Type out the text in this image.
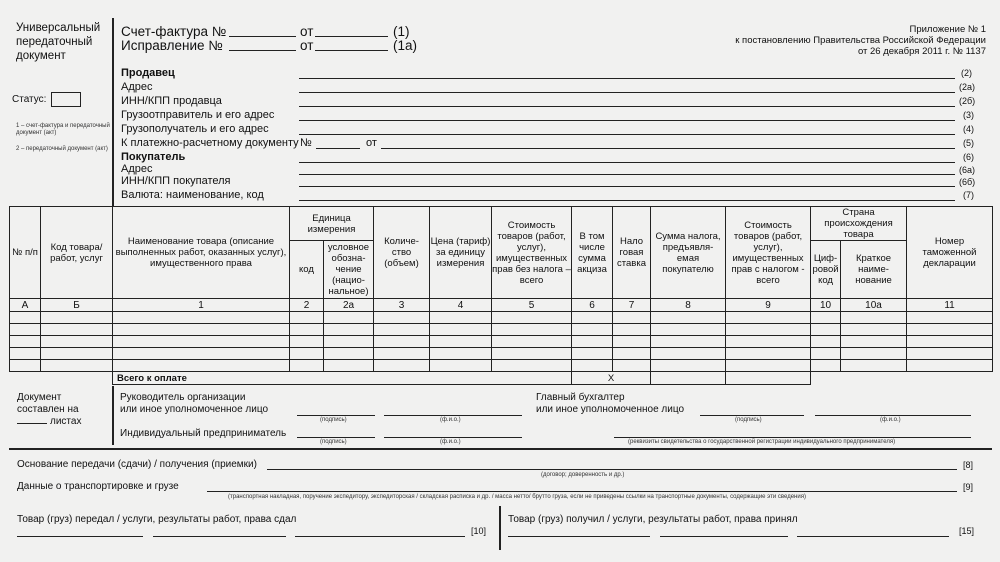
Универсальный
передаточный
документ
Статус:
1 – счет-фактура и передаточный документ (акт)
2 – передаточный документ (акт)
Счет-фактура №	от	(1)
Исправление №	от	(1а)
Приложение № 1
к постановлению Правительства Российской Федерации
от 26 декабря 2011 г. № 1137
Продавец	(2)
Адрес	(2а)
ИНН/КПП продавца	(2б)
Грузоотправитель и его адрес	(3)
Грузополучатель и его адрес	(4)
К платежно-расчетному документу №	от	(5)
Покупатель	(6)
Адрес	(6а)
ИНН/КПП покупателя	(6б)
Валюта: наименование, код	(7)
№ п/п	Код товара/ работ, услуг	Наименование товара (описание выполненных работ, оказанных услуг), имущественного права	Единица измерения		Количе- ство (объем)	Цена (тариф) за единицу измерения	Стоимость товаров (работ, услуг), имущественных прав без налога – всего	В том числе сумма акциза	Нало говая ставка	Сумма налога, предъявля- емая покупателю	Стоимость товаров (работ, услуг), имущественных прав с налогом - всего	Страна происхождения товара		Номер таможенной декларации
			код	условное обозна- чение (нацио- нальное)								Циф- ровой код	Краткое наиме- нование	
А	Б	1	2	2а	3	4	5	6	7	8	9	10	10а	11

		Всего к оплате						X						
Документ
составлен на
листах
Руководитель организации
или иное уполномоченное лицо
(подпись)	(ф.и.о.)
Главный бухгалтер
или иное уполномоченное лицо
(подпись)	(ф.и.о.)
Индивидуальный предприниматель
(подпись)	(ф.и.о.)	(реквизиты свидетельства о государственной регистрации индивидуального предпринимателя)
Основание передачи (сдачи) / получения (приемки)
(договор; доверенность и др.)
[8]
Данные о транспортировке и грузе
(транспортная накладная, поручение экспедитору, экспедиторская / складская расписка и др. / масса нетто/ брутто груза, если не приведены ссылки на транспортные документы, содержащие эти сведения)
[9]
Товар (груз) передал / услуги, результаты работ, права сдал
[10]
Товар (груз) получил / услуги, результаты работ, права принял
[15]
